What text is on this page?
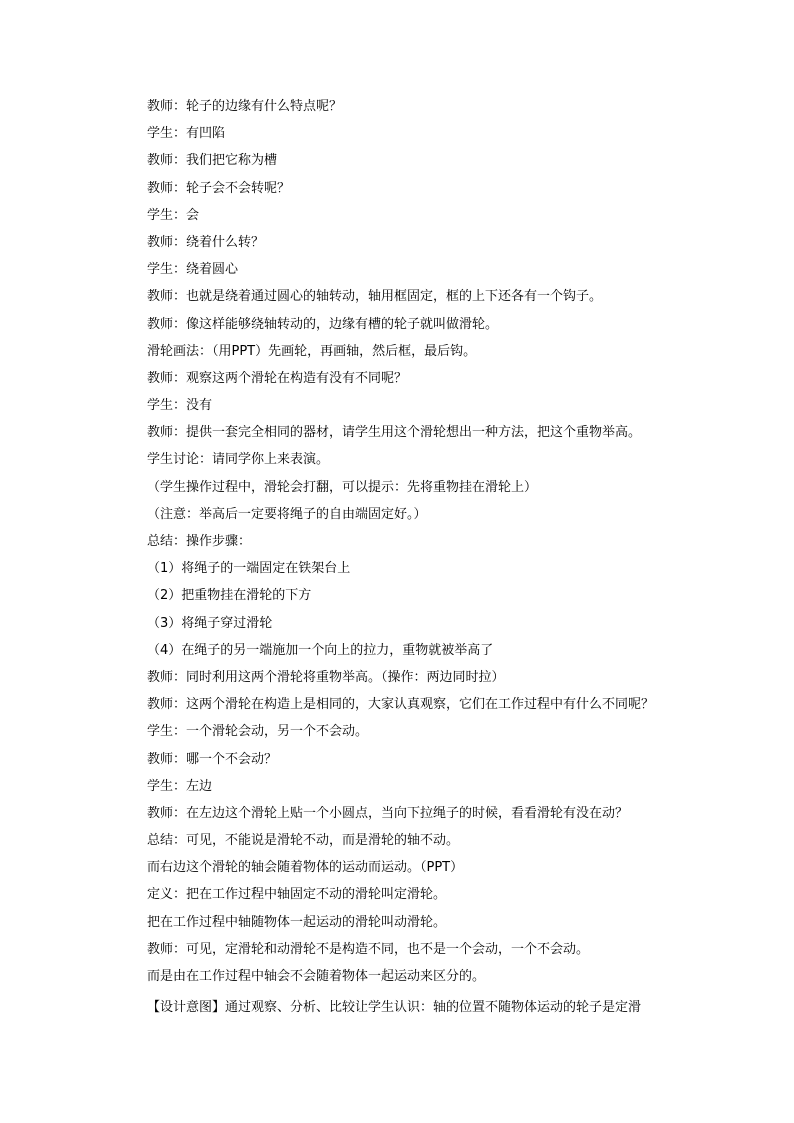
教师：轮子的边缘有什么特点呢？
学生：有凹陷
教师：我们把它称为槽
教师：轮子会不会转呢？
学生：会
教师：绕着什么转？
学生：绕着圆心
教师：也就是绕着通过圆心的轴转动，轴用框固定，框的上下还各有一个钩子。
教师：像这样能够绕轴转动的，边缘有槽的轮子就叫做滑轮。
滑轮画法：（用PPT）先画轮，再画轴，然后框，最后钩。
教师：观察这两个滑轮在构造有没有不同呢？
学生：没有
教师：提供一套完全相同的器材，请学生用这个滑轮想出一种方法，把这个重物举高。
学生讨论：请同学你上来表演。
（学生操作过程中，滑轮会打翻，可以提示：先将重物挂在滑轮上）
（注意：举高后一定要将绳子的自由端固定好。）
总结：操作步骤：
（1）将绳子的一端固定在铁架台上
（2）把重物挂在滑轮的下方
（3）将绳子穿过滑轮
（4）在绳子的另一端施加一个向上的拉力，重物就被举高了
教师：同时利用这两个滑轮将重物举高。（操作：两边同时拉）
教师：这两个滑轮在构造上是相同的，大家认真观察，它们在工作过程中有什么不同呢？
学生：一个滑轮会动，另一个不会动。
教师：哪一个不会动？
学生：左边
教师：在左边这个滑轮上贴一个小圆点，当向下拉绳子的时候，看看滑轮有没在动？
总结：可见，不能说是滑轮不动，而是滑轮的轴不动。
而右边这个滑轮的轴会随着物体的运动而运动。（PPT）
定义：把在工作过程中轴固定不动的滑轮叫定滑轮。
把在工作过程中轴随物体一起运动的滑轮叫动滑轮。
教师：可见，定滑轮和动滑轮不是构造不同，也不是一个会动，一个不会动。
而是由在工作过程中轴会不会随着物体一起运动来区分的。
【设计意图】通过观察、分析、比较让学生认识：轴的位置不随物体运动的轮子是定滑
